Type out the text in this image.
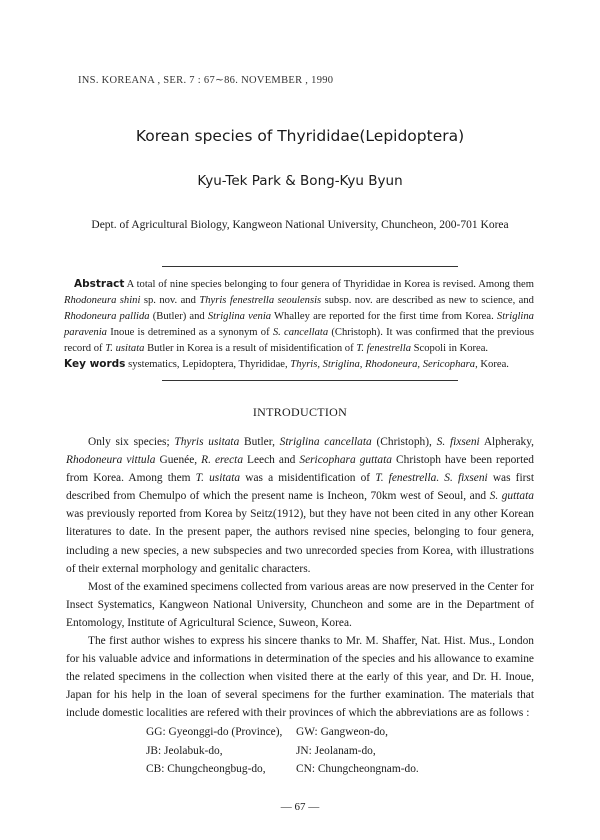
INS. KOREANA , SER. 7 : 67∼86. NOVEMBER , 1990
Korean species of Thyrididae(Lepidoptera)
Kyu-Tek Park & Bong-Kyu Byun
Dept. of Agricultural Biology, Kangweon National University, Chuncheon, 200-701 Korea
Abstract A total of nine species belonging to four genera of Thyrididae in Korea is revised. Among them Rhodoneura shini sp. nov. and Thyris fenestrella seoulensis subsp. nov. are described as new to science, and Rhodoneura pallida (Butler) and Striglina venia Whalley are reported for the first time from Korea. Striglina paravenia Inoue is detremined as a synonym of S. cancellata (Christoph). It was confirmed that the previous record of T. usitata Butler in Korea is a result of misidentification of T. fenestrella Scopoli in Korea.
Key words systematics, Lepidoptera, Thyrididae, Thyris, Striglina, Rhodoneura, Sericophara, Korea.
INTRODUCTION

Only six species; Thyris usitata Butler, Striglina cancellata (Christoph), S. fixseni Alpheraky, Rhodoneura vittula Guenée, R. erecta Leech and Sericophara guttata Christoph have been reported from Korea. Among them T. usitata was a misidentification of T. fenestrella. S. fixseni was first described from Chemulpo of which the present name is Incheon, 70km west of Seoul, and S. guttata was previously reported from Korea by Seitz(1912), but they have not been cited in any other Korean literatures to date. In the present paper, the authors revised nine species, belonging to four genera, including a new species, a new subspecies and two unrecorded species from Korea, with illustrations of their external morphology and genitalic characters.

Most of the examined specimens collected from various areas are now preserved in the Center for Insect Systematics, Kangweon National University, Chuncheon and some are in the Department of Entomology, Institute of Agricultural Science, Suweon, Korea.

The first author wishes to express his sincere thanks to Mr. M. Shaffer, Nat. Hist. Mus., London for his valuable advice and informations in determination of the species and his allowance to examine the related specimens in the collection when visited there at the early of this year, and Dr. H. Inoue, Japan for his help in the loan of several specimens for the further examination. The materials that include domestic localities are refered with their provinces of which the abbreviations are as follows :

GG: Gyeonggi-do (Province),	GW: Gangweon-do,
JB: Jeolabuk-do,	JN: Jeolanam-do,
CB: Chungcheongbug-do,	CN: Chungcheongnam-do.
— 67 —
